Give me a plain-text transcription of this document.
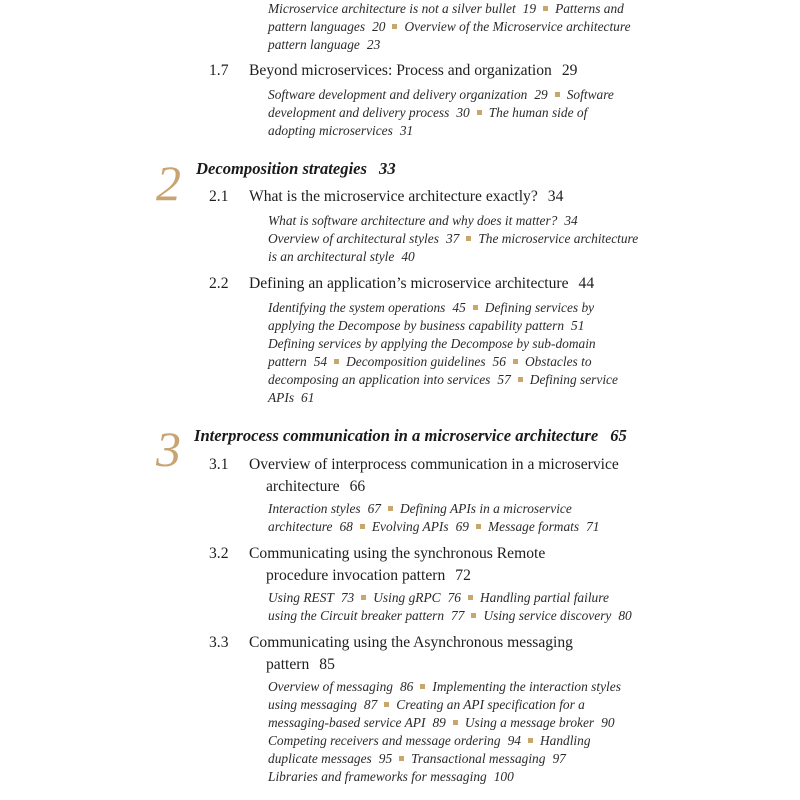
Microservice architecture is not a silver bullet 19 Patterns and

pattern languages 20 Overview of the Microservice architecture

pattern language 23

1.7 Beyond microservices: Process and organization 29

Software development and delivery organization 29 Software

development and delivery process 30 The human side of

adopting microservices 31

2 Decomposition strategies 33

2.1 What is the microservice architecture exactly? 34

What is software architecture and why does it matter? 34

Overview of architectural styles 37 The microservice architecture

is an architectural style 40

2.2 Defining an application’s microservice architecture 44

Identifying the system operations 45 Defining services by

applying the Decompose by business capability pattern 51

Defining services by applying the Decompose by sub-domain

pattern 54 Decomposition guidelines 56 Obstacles to

decomposing an application into services 57 Defining service

APIs 61

3 Interprocess communication in a microservice architecture 65

3.1 Overview of interprocess communication in a microservice

architecture 66

Interaction styles 67 Defining APIs in a microservice

architecture 68 Evolving APIs 69 Message formats 71

3.2 Communicating using the synchronous Remote

procedure invocation pattern 72

Using REST 73 Using gRPC 76 Handling partial failure

using the Circuit breaker pattern 77 Using service discovery 80

3.3 Communicating using the Asynchronous messaging

pattern 85

Overview of messaging 86 Implementing the interaction styles

using messaging 87 Creating an API specification for a

messaging-based service API 89 Using a message broker 90

Competing receivers and message ordering 94 Handling

duplicate messages 95 Transactional messaging 97

Libraries and frameworks for messaging 100
